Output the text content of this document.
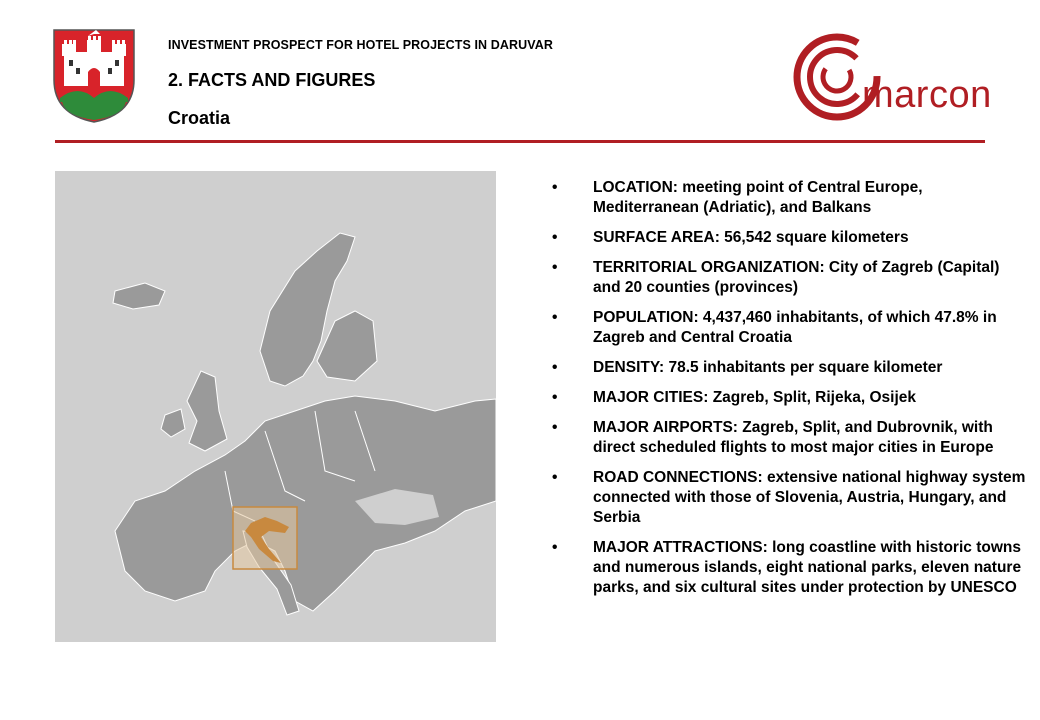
INVESTMENT PROSPECT FOR HOTEL PROJECTS IN DARUVAR
2. FACTS AND FIGURES
Croatia
marcon
• LOCATION: meeting point of Central Europe, Mediterranean (Adriatic), and Balkans
• SURFACE AREA: 56,542 square kilometers
• TERRITORIAL ORGANIZATION: City of Zagreb (Capital) and 20 counties (provinces)
• POPULATION: 4,437,460 inhabitants, of which 47.8% in Zagreb and Central Croatia
• DENSITY: 78.5 inhabitants per square kilometer
• MAJOR CITIES: Zagreb, Split, Rijeka, Osijek
• MAJOR AIRPORTS: Zagreb, Split, and Dubrovnik, with direct scheduled flights to most major cities in Europe
• ROAD CONNECTIONS: extensive national highway system connected with those of Slovenia, Austria, Hungary, and Serbia
• MAJOR ATTRACTIONS: long coastline with historic towns and numerous islands, eight national parks, eleven nature parks, and six cultural sites under protection by UNESCO
